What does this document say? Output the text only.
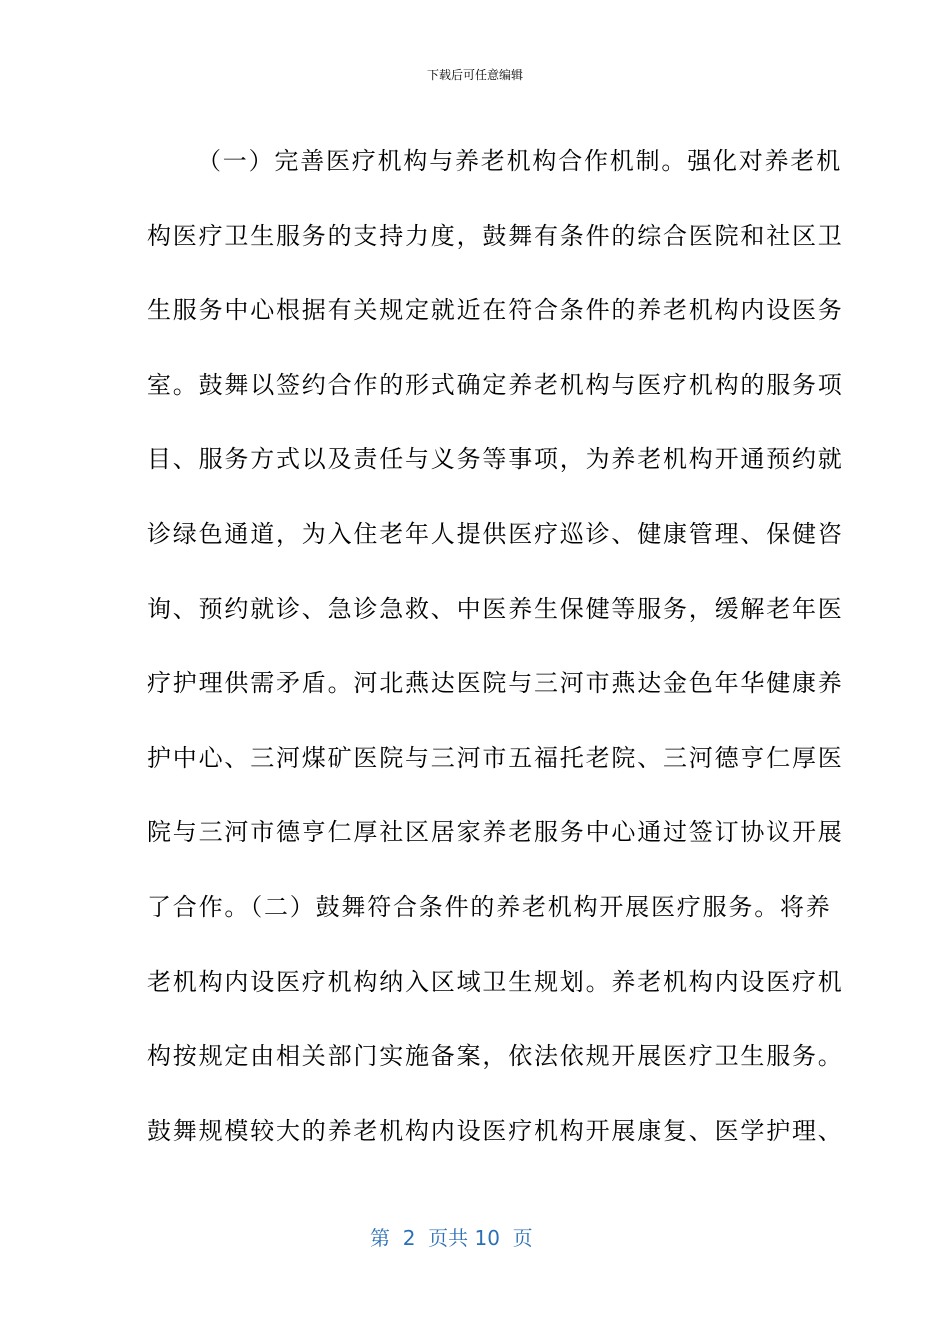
下载后可任意编辑
（一）完善医疗机构与养老机构合作机制。强化对养老机
构医疗卫生服务的支持力度，鼓舞有条件的综合医院和社区卫
生服务中心根据有关规定就近在符合条件的养老机构内设医务
室。鼓舞以签约合作的形式确定养老机构与医疗机构的服务项
目、服务方式以及责任与义务等事项，为养老机构开通预约就
诊绿色通道，为入住老年人提供医疗巡诊、健康管理、保健咨
询、预约就诊、急诊急救、中医养生保健等服务，缓解老年医
疗护理供需矛盾。河北燕达医院与三河市燕达金色年华健康养
护中心、三河煤矿医院与三河市五福托老院、三河德亨仁厚医
院与三河市德亨仁厚社区居家养老服务中心通过签订协议开展
了合作。（二）鼓舞符合条件的养老机构开展医疗服务。将养
老机构内设医疗机构纳入区域卫生规划。养老机构内设医疗机
构按规定由相关部门实施备案，依法依规开展医疗卫生服务。
鼓舞规模较大的养老机构内设医疗机构开展康复、医学护理、
第  2  页共 10  页
